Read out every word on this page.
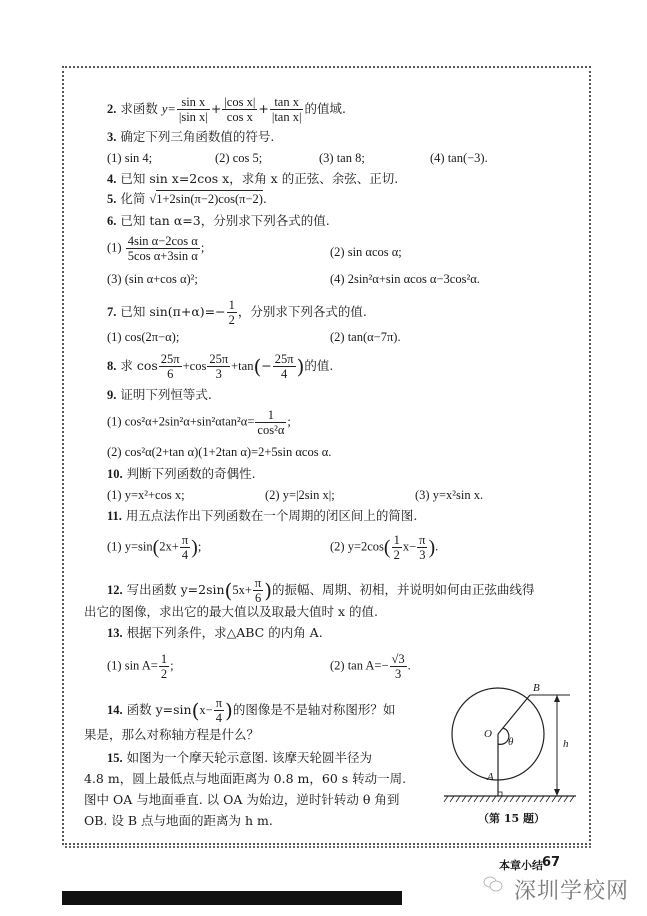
2. 求函数 $y= \frac{\text{sin x}}{\text{|sin x|}} + \frac{\text{|cos x|}}{\text{cos x}} + \frac{\text{tan x}}{\text{|tan x|}}$ 的值域.
3. 确定下列三角函数值的符号.
(1) sin 4;	(2) cos 5;	(3) tan 8;	(4) tan(−3).
4. 已知 sin x=2cos x，求角 x 的正弦、余弦、正切.
5. 化简 √1+2sin(π−2)cos(π−2).
6. 已知 tan α=3，分别求下列各式的值.
$(1) \frac{\text{4sin α−2cos α}}{\text{5cos α+3sin α}}$ ;	(2) sin αcos α;
(3) (sin α+cos α)²;	(4) 2sin²α+sin αcos α−3cos²α.
7. 已知 $\sin(\pi+\alpha)=- \frac{1}{2}$ ，分别求下列各式的值.
(1) cos(2π−α);	(2) tan(α−7π).
8. 求 $\cos \frac{25\pi}{6} +\cos \frac{25\pi}{3} +\tan(- \frac{25\pi}{4}$ )的值.
9. 证明下列恒等式.
(1) $\cos^2\alpha+2\sin^2\alpha+\sin^2\alpha\tan^2\alpha= \frac{1}{\text{cos²α}}$ ;
(2) cos²α(2+tan α)(1+2tan α)=2+5sin αcos α.
10. 判断下列函数的奇偶性.
(1) y=x²+cos x;	(2) y=|2sin x|;	(3) y=x²sin x.
11. 用五点法作出下列函数在一个周期的闭区间上的简图.
(1) $y=\sin(2x+ \frac{\pi}{4}$ );	(2) $y=2\cos( \frac{1}{2} x- \frac{\pi}{3}$ ).
12. 写出函数 $y=2\sin(5x+ \frac{\pi}{6}$ )的振幅、周期、初相，并说明如何由正弦曲线得
出它的图像，求出它的最大值以及取最大值时 x 的值.
13. 根据下列条件，求△ABC 的内角 A.
(1) $\sin A= \frac{1}{2}$ ;	(2) $\tan A=- \frac{√3}{3}$ .
14. 函数 $y=\sin(x- \frac{\pi}{4}$ )的图像是不是轴对称图形？如
果是，那么对称轴方程是什么？
15. 如图为一个摩天轮示意图. 该摩天轮圆半径为
4.8 m，圆上最低点与地面距离为 0.8 m，60 s 转动一周.
图中 OA 与地面垂直. 以 OA 为始边，逆时针转动 θ 角到
OB. 设 B 点与地面的距离为 h m.
O
A
B
θ	h
（第 15 题）
本章小结 67
深圳学校网
